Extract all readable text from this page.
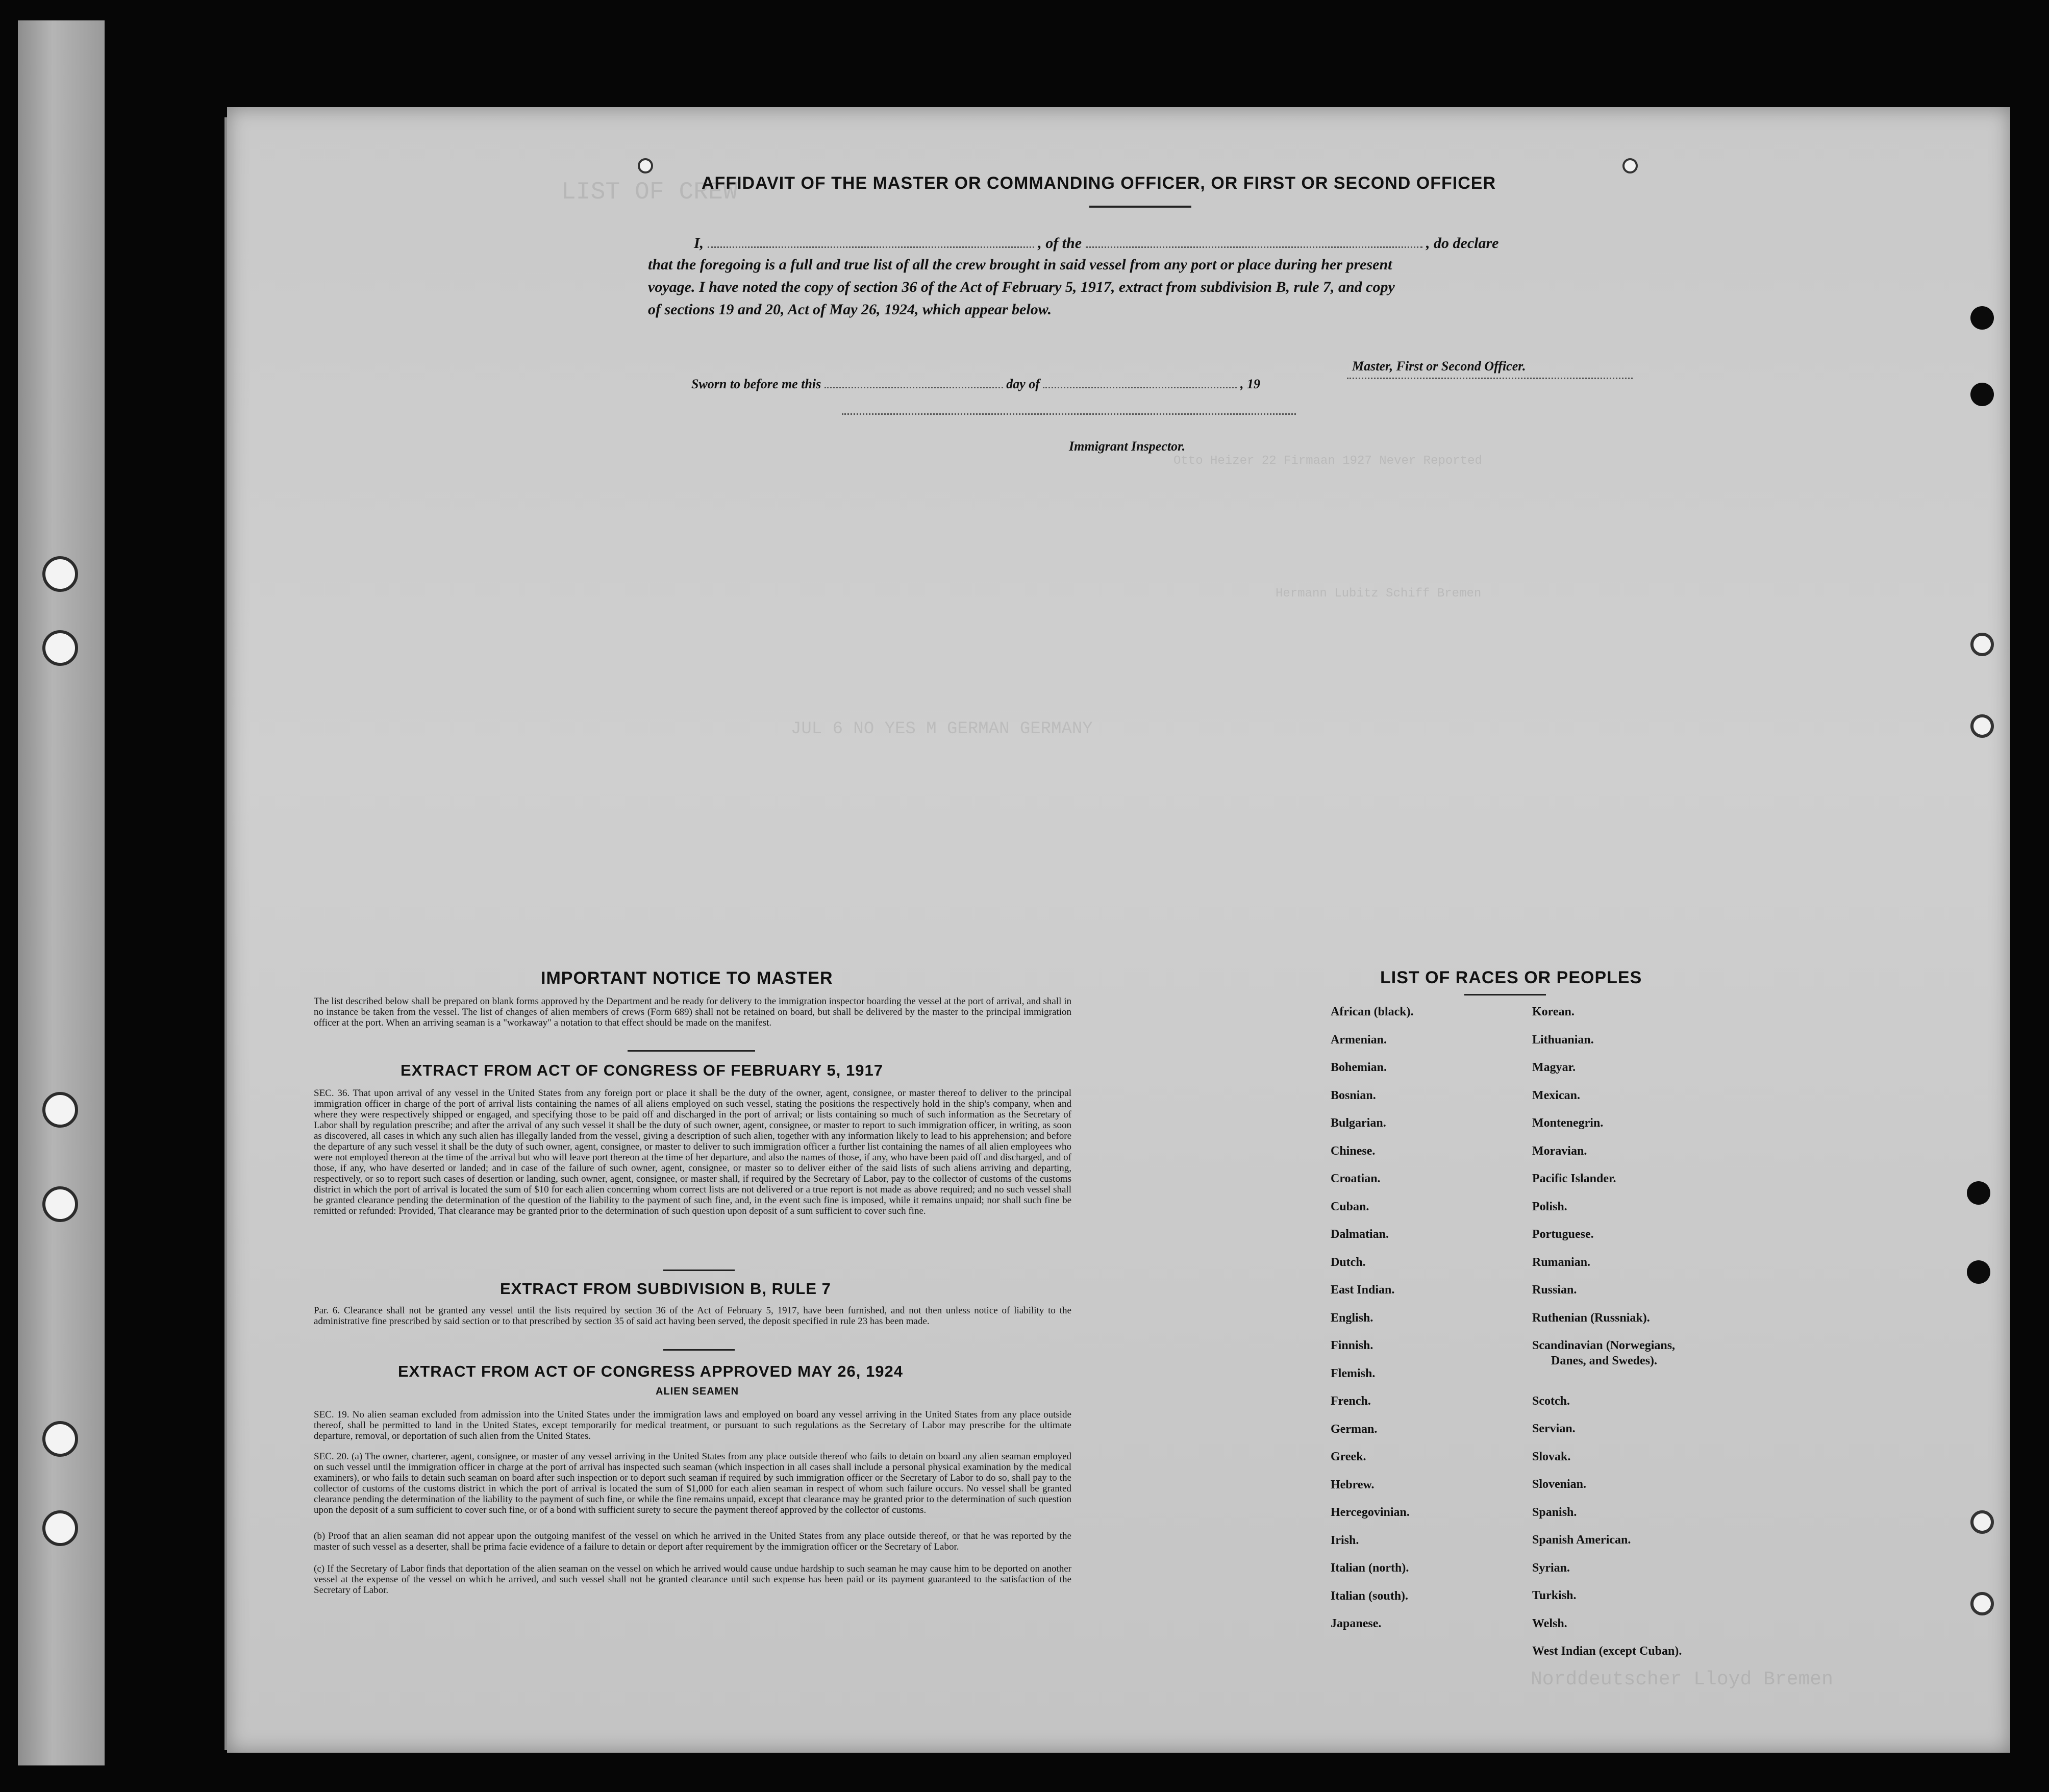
LIST OF CREW
Otto Heizer 22 Firmaan 1927 Never Reported
Hermann Lubitz Schiff Bremen
JUL 6 NO YES M GERMAN GERMANY
Norddeutscher Lloyd Bremen
AFFIDAVIT OF THE MASTER OR COMMANDING OFFICER, OR FIRST OR SECOND OFFICER
I,	, of the	, do declare
that the foregoing is a full and true list of all the crew brought in said vessel from any port or place during her present
voyage. I have noted the copy of section 36 of the Act of February 5, 1917, extract from subdivision B, rule 7, and copy
of sections 19 and 20, Act of May 26, 1924, which appear below.
Master, First or Second Officer.
Sworn to before me this	day of	, 19
Immigrant Inspector.
IMPORTANT NOTICE TO MASTER
The list described below shall be prepared on blank forms approved by the Department and be ready for delivery to the immigration inspector boarding the vessel at the port of arrival, and shall in no instance be taken from the vessel. The list of changes of alien members of crews (Form 689) shall not be retained on board, but shall be delivered by the master to the principal immigration officer at the port. When an arriving seaman is a "workaway" a notation to that effect should be made on the manifest.
EXTRACT FROM ACT OF CONGRESS OF FEBRUARY 5, 1917
SEC. 36. That upon arrival of any vessel in the United States from any foreign port or place it shall be the duty of the owner, agent, consignee, or master thereof to deliver to the principal immigration officer in charge of the port of arrival lists containing the names of all aliens employed on such vessel, stating the positions the respectively hold in the ship's company, when and where they were respectively shipped or engaged, and specifying those to be paid off and discharged in the port of arrival; or lists containing so much of such information as the Secretary of Labor shall by regulation prescribe; and after the arrival of any such vessel it shall be the duty of such owner, agent, consignee, or master to report to such immigration officer, in writing, as soon as discovered, all cases in which any such alien has illegally landed from the vessel, giving a description of such alien, together with any information likely to lead to his apprehension; and before the departure of any such vessel it shall be the duty of such owner, agent, consignee, or master to deliver to such immigration officer a further list containing the names of all alien employees who were not employed thereon at the time of the arrival but who will leave port thereon at the time of her departure, and also the names of those, if any, who have been paid off and discharged, and of those, if any, who have deserted or landed; and in case of the failure of such owner, agent, consignee, or master so to deliver either of the said lists of such aliens arriving and departing, respectively, or so to report such cases of desertion or landing, such owner, agent, consignee, or master shall, if required by the Secretary of Labor, pay to the collector of customs of the customs district in which the port of arrival is located the sum of $10 for each alien concerning whom correct lists are not delivered or a true report is not made as above required; and no such vessel shall be granted clearance pending the determination of the question of the liability to the payment of such fine, and, in the event such fine is imposed, while it remains unpaid; nor shall such fine be remitted or refunded: Provided, That clearance may be granted prior to the determination of such question upon deposit of a sum sufficient to cover such fine.
EXTRACT FROM SUBDIVISION B, RULE 7
Par. 6. Clearance shall not be granted any vessel until the lists required by section 36 of the Act of February 5, 1917, have been furnished, and not then unless notice of liability to the administrative fine prescribed by said section or to that prescribed by section 35 of said act having been served, the deposit specified in rule 23 has been made.
EXTRACT FROM ACT OF CONGRESS APPROVED MAY 26, 1924
ALIEN SEAMEN
SEC. 19. No alien seaman excluded from admission into the United States under the immigration laws and employed on board any vessel arriving in the United States from any place outside thereof, shall be permitted to land in the United States, except temporarily for medical treatment, or pursuant to such regulations as the Secretary of Labor may prescribe for the ultimate departure, removal, or deportation of such alien from the United States.
SEC. 20. (a) The owner, charterer, agent, consignee, or master of any vessel arriving in the United States from any place outside thereof who fails to detain on board any alien seaman employed on such vessel until the immigration officer in charge at the port of arrival has inspected such seaman (which inspection in all cases shall include a personal physical examination by the medical examiners), or who fails to detain such seaman on board after such inspection or to deport such seaman if required by such immigration officer or the Secretary of Labor to do so, shall pay to the collector of customs of the customs district in which the port of arrival is located the sum of $1,000 for each alien seaman in respect of whom such failure occurs. No vessel shall be granted clearance pending the determination of the liability to the payment of such fine, or while the fine remains unpaid, except that clearance may be granted prior to the determination of such question upon the deposit of a sum sufficient to cover such fine, or of a bond with sufficient surety to secure the payment thereof approved by the collector of customs.
(b) Proof that an alien seaman did not appear upon the outgoing manifest of the vessel on which he arrived in the United States from any place outside thereof, or that he was reported by the master of such vessel as a deserter, shall be prima facie evidence of a failure to detain or deport after requirement by the immigration officer or the Secretary of Labor.
(c) If the Secretary of Labor finds that deportation of the alien seaman on the vessel on which he arrived would cause undue hardship to such seaman he may cause him to be deported on another vessel at the expense of the vessel on which he arrived, and such vessel shall not be granted clearance until such expense has been paid or its payment guaranteed to the satisfaction of the Secretary of Labor.
LIST OF RACES OR PEOPLES
African (black).
Armenian.
Bohemian.
Bosnian.
Bulgarian.
Chinese.
Croatian.
Cuban.
Dalmatian.
Dutch.
East Indian.
English.
Finnish.
Flemish.
French.
German.
Greek.
Hebrew.
Hercegovinian.
Irish.
Italian (north).
Italian (south).
Japanese.
Korean.
Lithuanian.
Magyar.
Mexican.
Montenegrin.
Moravian.
Pacific Islander.
Polish.
Portuguese.
Rumanian.
Russian.
Ruthenian (Russniak).
Scandinavian (Norwegians,
Danes, and Swedes).
Scotch.
Servian.
Slovak.
Slovenian.
Spanish.
Spanish American.
Syrian.
Turkish.
Welsh.
West Indian (except Cuban).
